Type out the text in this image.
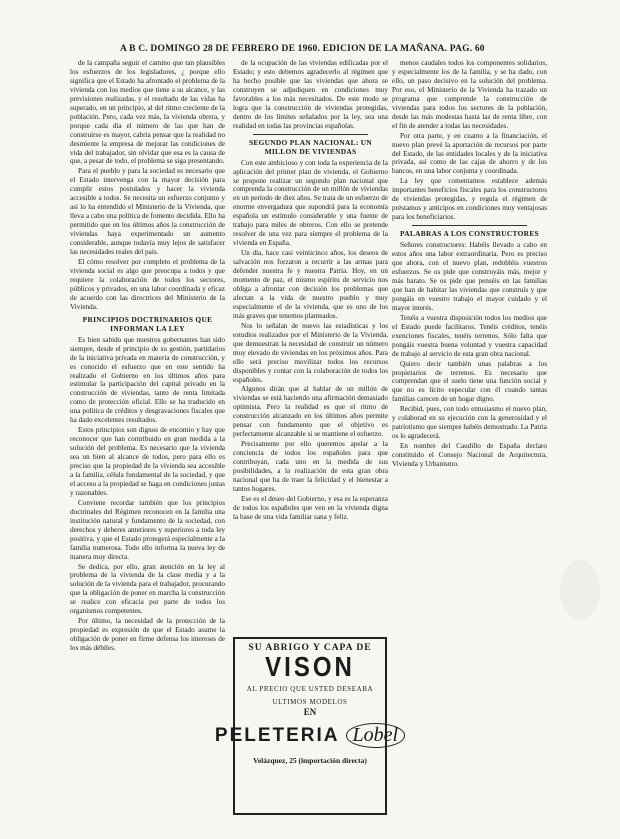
A B C. DOMINGO 28 DE FEBRERO DE 1960. EDICION DE LA MAÑANA. PAG. 60

de la campaña seguir el camino que tan plausibles los esfuerzos de los legisladores, ¿ porque ello significa que el Estado ha afrontado el problema de la vivienda con los medios que tiene a su alcance, y las previsiones realizadas, y el resultado de las vidas ha superado, en un principio, al del ritmo creciente de la población. Pero, cada vez más, la vivienda obrera, y porque cada día el número de las que han de construirse es mayor, cabría pensar que la realidad no desmiente la empresa de mejorar las condiciones de vida del trabajador, sin olvidar que esa es la causa de que, a pesar de todo, el problema se siga presentando.

Para el pueblo y para la sociedad es necesario que el Estado intervenga con la mayor decisión para cumplir estos postulados y hacer la vivienda accesible a todos. Se necesita un esfuerzo conjunto y así lo ha entendido el Ministerio de la Vivienda, que lleva a cabo una política de fomento decidida. Ello ha permitido que en los últimos años la construcción de viviendas haya experimentado un aumento considerable, aunque todavía muy lejos de satisfacer las necesidades reales del país.

El cómo resolver por completo el problema de la vivienda social es algo que preocupa a todos y que requiere la colaboración de todos los sectores, públicos y privados, en una labor coordinada y eficaz de acuerdo con las directrices del Ministerio de la Vivienda.

PRINCIPIOS DOCTRINARIOS QUE INFORMAN LA LEY

Es bien sabido que nuestros gobernantes han sido siempre, desde el principio de su gestión, partidarios de la iniciativa privada en materia de construcción, y es conocido el esfuerzo que en este sentido ha realizado el Gobierno en los últimos años para estimular la participación del capital privado en la construcción de viviendas, tanto de renta limitada como de protección oficial. Ello se ha traducido en una política de créditos y desgravaciones fiscales que ha dado excelentes resultados.

Estos principios son dignos de encomio y hay que reconocer que han contribuido en gran medida a la solución del problema. Es necesario que la vivienda sea un bien al alcance de todos, pero para ello es preciso que la propiedad de la vivienda sea accesible a la familia, célula fundamental de la sociedad, y que el acceso a la propiedad se haga en condiciones justas y razonables.

Conviene recordar también que los principios doctrinales del Régimen reconocen en la familia una institución natural y fundamento de la sociedad, con derechos y deberes anteriores y superiores a toda ley positiva, y que el Estado protegerá especialmente a la familia numerosa. Todo ello informa la nueva ley de manera muy directa.

Se dedica, por ello, gran atención en la ley al problema de la vivienda de la clase media y a la solución de la vivienda para el trabajador, procurando que la obligación de poner en marcha la construcción se realice con eficacia por parte de todos los organismos competentes.

Por último, la necesidad de la protección de la propiedad es expresión de que el Estado asume la obligación de poner en firme defensa los intereses de los más débiles.

de la ocupación de las viviendas edificadas por el Estado; y esto debemos agradecerlo al régimen que ha hecho posible que las viviendas que ahora se construyen se adjudiquen en condiciones muy favorables a los más necesitados. De este modo se logra que la construcción de viviendas protegidas, dentro de los límites señalados por la ley, sea una realidad en todas las provincias españolas.

SEGUNDO PLAN NACIONAL: UN MILLON DE VIVIENDAS

Con este ambicioso y con toda la experiencia de la aplicación del primer plan de vivienda, el Gobierno se propone realizar un segundo plan nacional que comprenda la construcción de un millón de viviendas en un período de diez años. Se trata de un esfuerzo de enorme envergadura que supondrá para la economía española un estímulo considerable y una fuente de trabajo para miles de obreros. Con ello se pretende resolver de una vez para siempre el problema de la vivienda en España.

Un día, hace casi veinticinco años, los deseos de salvación nos forzaron a recurrir a las armas para defender nuestra fe y nuestra Patria. Hoy, en un momento de paz, el mismo espíritu de servicio nos obliga a afrontar con decisión los problemas que afectan a la vida de nuestro pueblo y muy especialmente el de la vivienda, que es uno de los más graves que tenemos planteados.

Nos lo señalan de nuevo las estadísticas y los estudios realizados por el Ministerio de la Vivienda, que demuestran la necesidad de construir un número muy elevado de viviendas en los próximos años. Para ello será preciso movilizar todos los recursos disponibles y contar con la colaboración de todos los españoles.

Algunos dirán que al hablar de un millón de viviendas se está haciendo una afirmación demasiado optimista. Pero la realidad es que el ritmo de construcción alcanzado en los últimos años permite pensar con fundamento que el objetivo es perfectamente alcanzable si se mantiene el esfuerzo.

Precisamente por ello queremos apelar a la conciencia de todos los españoles para que contribuyan, cada uno en la medida de sus posibilidades, a la realización de esta gran obra nacional que ha de traer la felicidad y el bienestar a tantos hogares.

Ese es el deseo del Gobierno, y esa es la esperanza de todos los españoles que ven en la vivienda digna la base de una vida familiar sana y feliz.

SU ABRIGO Y CAPA DE
VISON
AL PRECIO QUE USTED DESEABA
ULTIMOS MODELOS
EN
PELETERIA Lobel
Velázquez, 25 (importación directa)

menos caudales todos los componentes solidarios, y especialmente los de la familia, y se ha dado, con ello, un paso decisivo en la solución del problema. Por eso, el Ministerio de la Vivienda ha trazado un programa que comprende la construcción de viviendas para todos los sectores de la población, desde las más modestas hasta las de renta libre, con el fin de atender a todas las necesidades.

Por otra parte, y en cuanto a la financiación, el nuevo plan prevé la aportación de recursos por parte del Estado, de las entidades locales y de la iniciativa privada, así como de las cajas de ahorro y de los bancos, en una labor conjunta y coordinada.

La ley que comentamos establece además importantes beneficios fiscales para los constructores de viviendas protegidas, y regula el régimen de préstamos y anticipos en condiciones muy ventajosas para los beneficiarios.

PALABRAS A LOS CONSTRUCTORES

Señores constructores: Habéis llevado a cabo en estos años una labor extraordinaria. Pero es preciso que ahora, con el nuevo plan, redobléis vuestros esfuerzos. Se os pide que construyáis más, mejor y más barato. Se os pide que penséis en las familias que han de habitar las viviendas que construís y que pongáis en vuestro trabajo el mayor cuidado y el mayor interés.

Tenéis a vuestra disposición todos los medios que el Estado puede facilitaros. Tenéis créditos, tenéis exenciones fiscales, tenéis terrenos. Sólo falta que pongáis vuestra buena voluntad y vuestra capacidad de trabajo al servicio de esta gran obra nacional.

Quiero decir también unas palabras a los propietarios de terrenos. Es necesario que comprendan que el suelo tiene una función social y que no es lícito especular con él cuando tantas familias carecen de un hogar digno.

Recibid, pues, con todo entusiasmo el nuevo plan, y colaborad en su ejecución con la generosidad y el patriotismo que siempre habéis demostrado. La Patria os lo agradecerá.

En nombre del Caudillo de España declaro constituido el Consejo Nacional de Arquitectura, Vivienda y Urbanismo.
